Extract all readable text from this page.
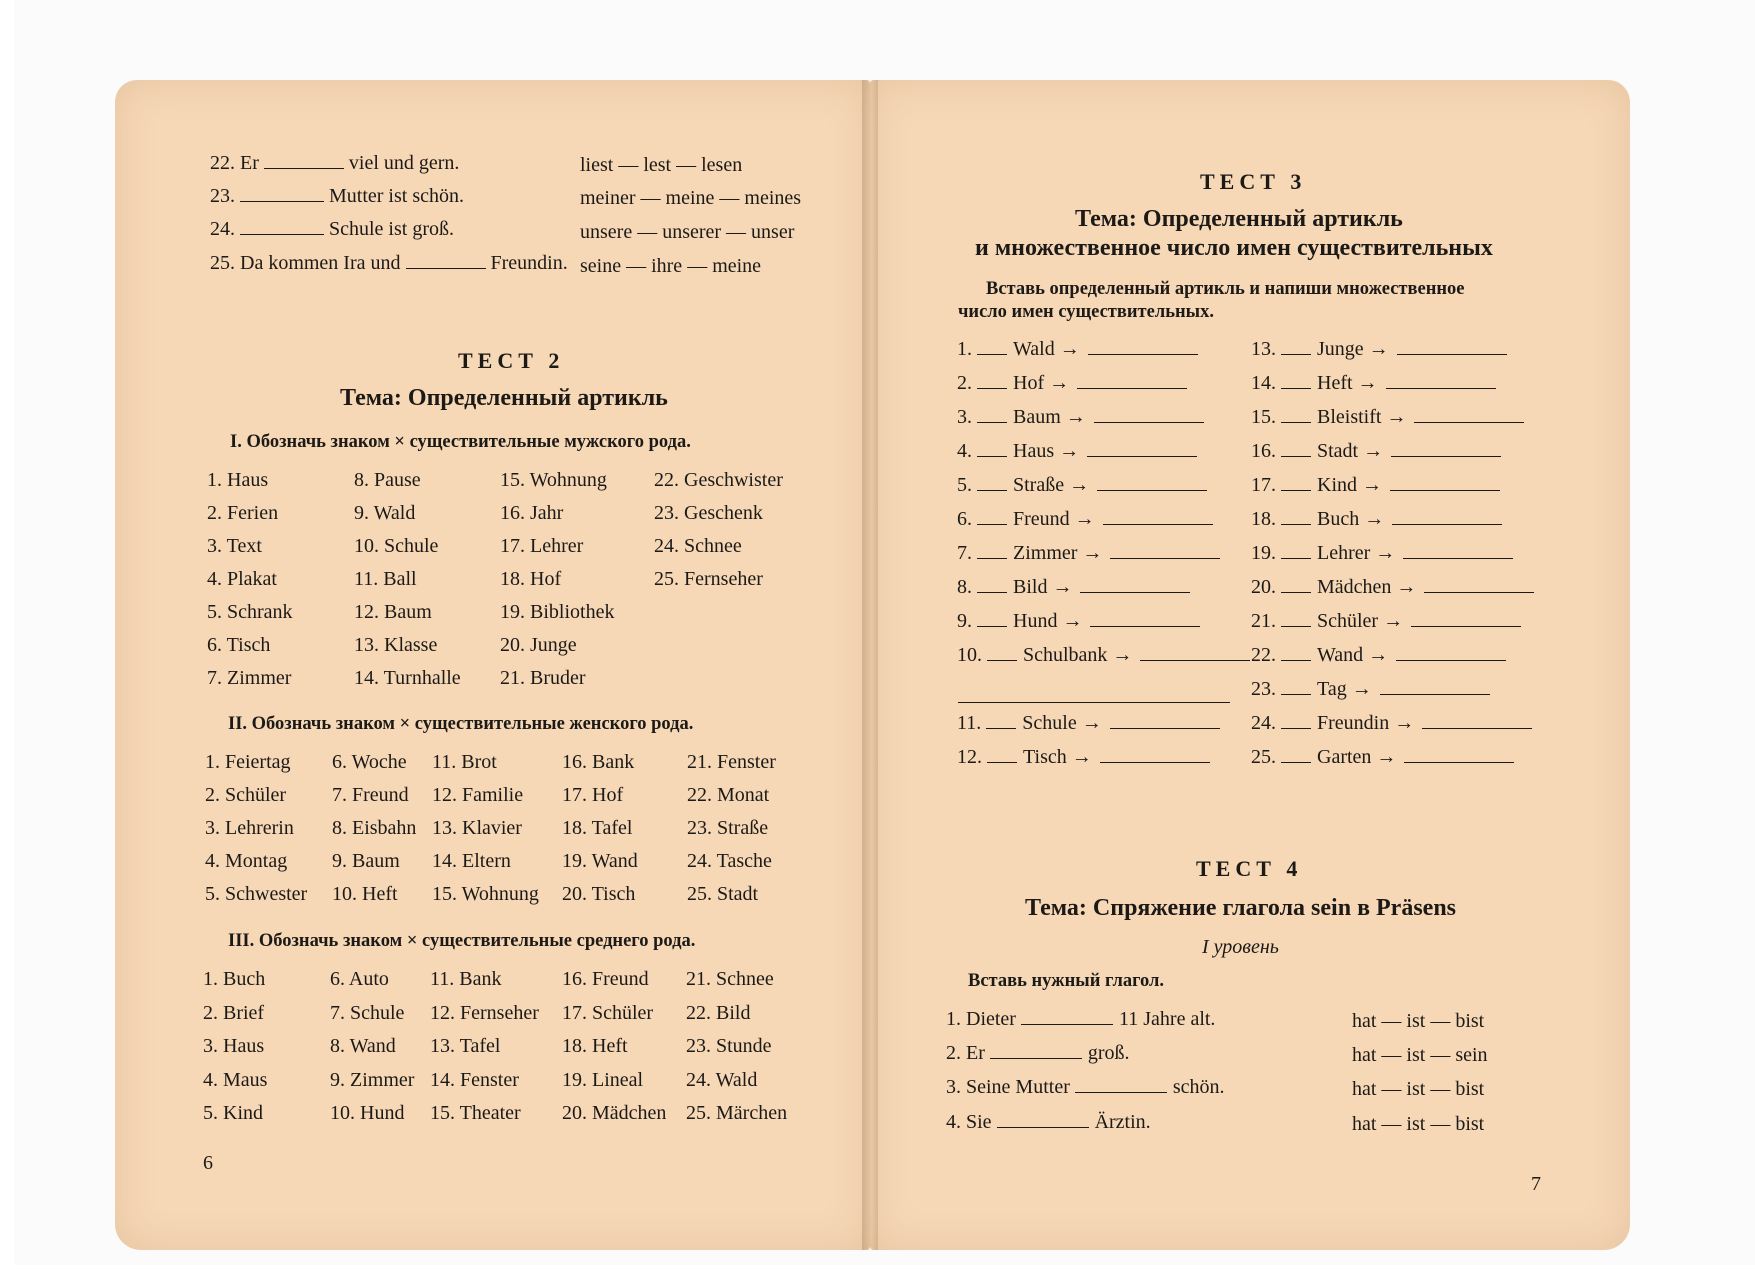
22. Er	viel und gern.	liest — lest — lesen
23.	Mutter ist schön.	meiner — meine — meines
24.	Schule ist groß.	unsere — unserer — unser
25. Da kommen Ira und	Freundin. seine — ihre — meine
ТЕСТ 2
Тема: Определенный артикль
I. Обозначь знаком × существительные мужского рода.
1. Haus
2. Ferien
3. Text
4. Plakat
5. Schrank
6. Tisch
7. Zimmer
8. Pause
9. Wald
10. Schule
11. Ball
12. Baum
13. Klasse
14. Turnhalle
15. Wohnung
16. Jahr
17. Lehrer
18. Hof
19. Bibliothek
20. Junge
21. Bruder
22. Geschwister
23. Geschenk
24. Schnee
25. Fernseher
II. Обозначь знаком × существительные женского рода.
1. Feiertag
2. Schüler
3. Lehrerin
4. Montag
5. Schwester
6. Woche
7. Freund
8. Eisbahn
9. Baum
10. Heft
11. Brot
12. Familie
13. Klavier
14. Eltern
15. Wohnung
16. Bank
17. Hof
18. Tafel
19. Wand
20. Tisch
21. Fenster
22. Monat
23. Straße
24. Tasche
25. Stadt
III. Обозначь знаком × существительные среднего рода.
1. Buch
2. Brief
3. Haus
4. Maus
5. Kind
6. Auto
7. Schule
8. Wand
9. Zimmer
10. Hund
11. Bank
12. Fernseher
13. Tafel
14. Fenster
15. Theater
16. Freund
17. Schüler
18. Heft
19. Lineal
20. Mädchen
21. Schnee
22. Bild
23. Stunde
24. Wald
25. Märchen
6
ТЕСТ 3
Тема: Определенный артикль
и множественное число имен существительных
Вставь определенный артикль и напиши множественное
число имен существительных.
1. Wald →
2. Hof →
3. Baum →
4. Haus →
5. Straße →
6. Freund →
7. Zimmer →
8. Bild →
9. Hund →
10. Schulbank →
11. Schule →
12. Tisch →
13. Junge →
14. Heft →
15. Bleistift →
16. Stadt →
17. Kind →
18. Buch →
19. Lehrer →
20. Mädchen →
21. Schüler →
22. Wand →
23. Tag →
24. Freundin →
25. Garten →
ТЕСТ 4
Тема: Спряжение глагола sein в Präsens
I уровень
Вставь нужный глагол.
1. Dieter	11 Jahre alt.	hat — ist — bist
2. Er	groß.	hat — ist — sein
3. Seine Mutter	schön.	hat — ist — bist
4. Sie	Ärztin.	hat — ist — bist
7
